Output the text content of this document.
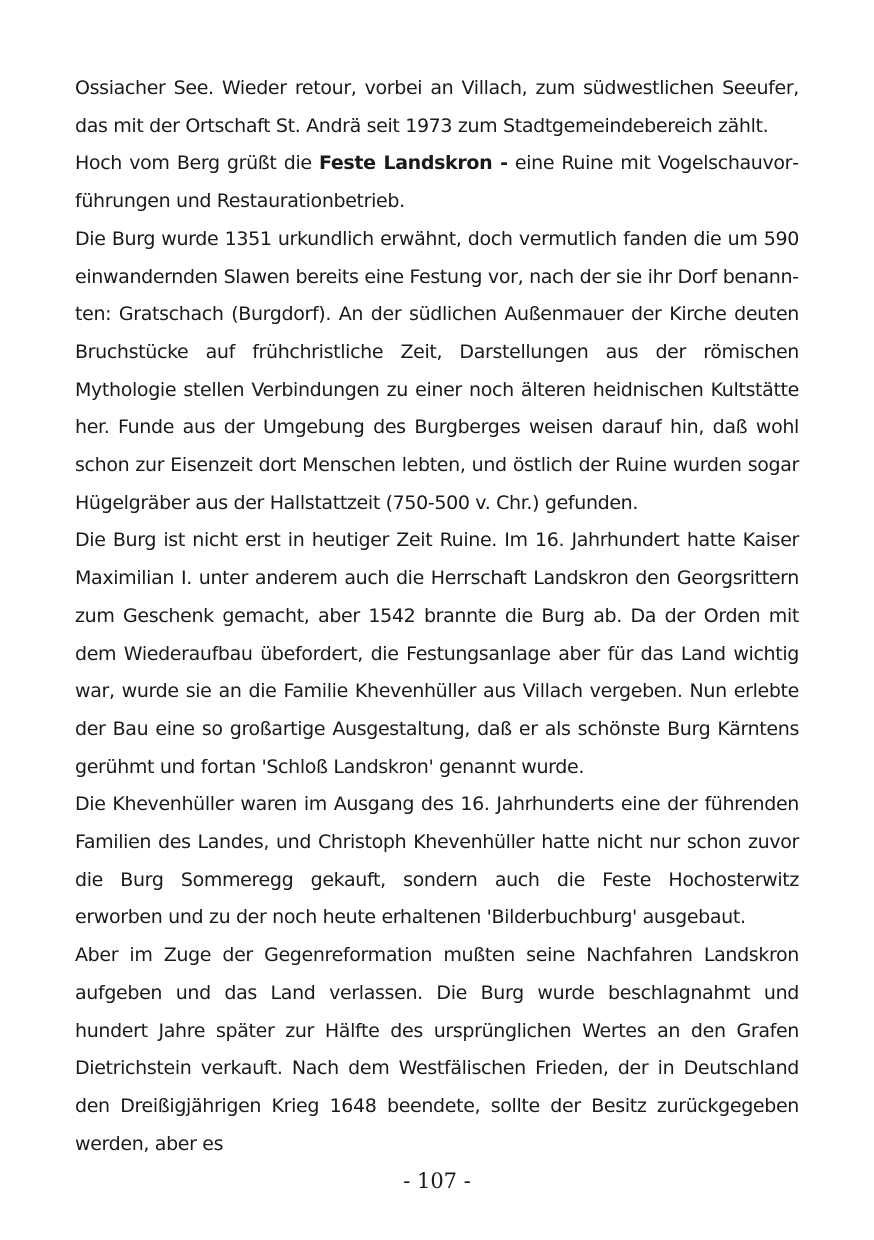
Ossiacher See. Wieder retour, vorbei an Villach, zum südwestlichen Seeufer, das mit der Ortschaft St. Andrä seit 1973 zum Stadtgemeindebereich zählt.

Hoch vom Berg grüßt die Feste Landskron - eine Ruine mit Vogelschauvorführungen und Restaurationbetrieb.

Die Burg wurde 1351 urkundlich erwähnt, doch vermutlich fanden die um 590 einwandernden Slawen bereits eine Festung vor, nach der sie ihr Dorf benannten: Gratschach (Burgdorf). An der südlichen Außenmauer der Kirche deuten Bruchstücke auf frühchristliche Zeit, Darstellungen aus der römischen Mythologie stellen Verbindungen zu einer noch älteren heidnischen Kultstätte her. Funde aus der Umgebung des Burgberges weisen darauf hin, daß wohl schon zur Eisenzeit dort Menschen lebten, und östlich der Ruine wurden sogar Hügelgräber aus der Hallstattzeit (750-500 v. Chr.) gefunden.

Die Burg ist nicht erst in heutiger Zeit Ruine. Im 16. Jahrhundert hatte Kaiser Maximilian I. unter anderem auch die Herrschaft Landskron den Georgsrittern zum Geschenk gemacht, aber 1542 brannte die Burg ab. Da der Orden mit dem Wiederaufbau übefordert, die Festungsanlage aber für das Land wichtig war, wurde sie an die Familie Khevenhüller aus Villach vergeben. Nun erlebte der Bau eine so großartige Ausgestaltung, daß er als schönste Burg Kärntens gerühmt und fortan 'Schloß Landskron' genannt wurde.

Die Khevenhüller waren im Ausgang des 16. Jahrhunderts eine der führenden Familien des Landes, und Christoph Khevenhüller hatte nicht nur schon zuvor die Burg Sommeregg gekauft, sondern auch die Feste Hochosterwitz erworben und zu der noch heute erhaltenen 'Bilderbuchburg' ausgebaut.

Aber im Zuge der Gegenreformation mußten seine Nachfahren Landskron aufgeben und das Land verlassen. Die Burg wurde beschlagnahmt und hundert Jahre später zur Hälfte des ursprünglichen Wertes an den Grafen Dietrichstein verkauft. Nach dem Westfälischen Frieden, der in Deutschland den Dreißigjährigen Krieg 1648 beendete, sollte der Besitz zurückgegeben werden, aber es

- 107 -
